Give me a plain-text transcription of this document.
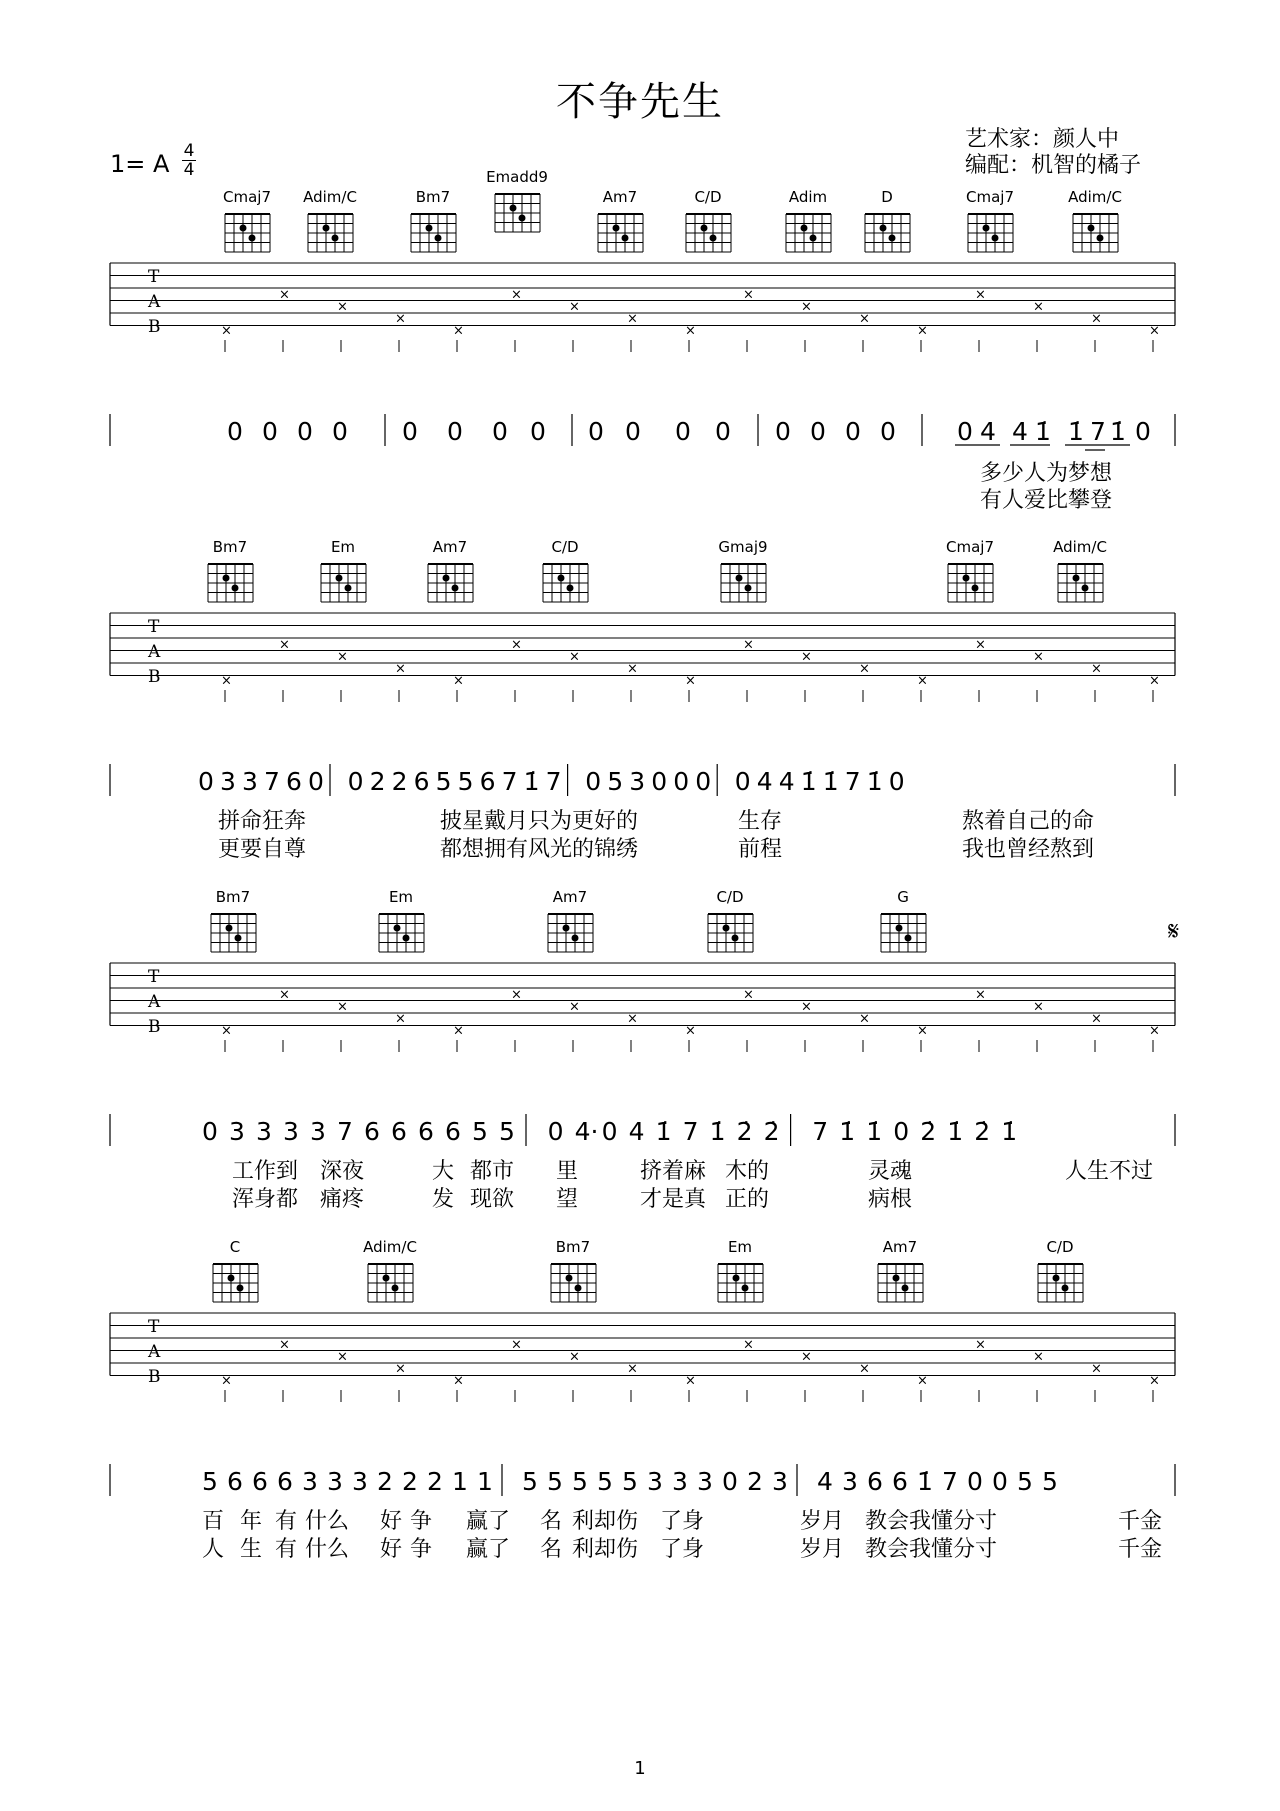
不争先生
艺术家：颜人中
编配：机智的橘子
1= A 4
4
1
Cmaj7 Adim/C	Bm7
Emadd9
Am7	C/D	Adim	D	Cmaj7	Adim/C
T
A
B
0 0 0 0 0 0 0 0 0 0 0 0 0 0 0 0 0 4 4 1̇ 1̇ 7 1̇ 0
多少人为梦想
×
×
×
×
×
×
×
×
×
×
×
×
×
×
×
×
×
有人爱比攀登
Bm7	Em	Am7	C/D	Gmaj9	Cmaj7	Adim/C
T
A
B
0 3 3 7 6 0 0 2 2 6 5 5 6 7 1̇ 7 0 5 3 0 0 0 0 4 4 1̇ 1̇ 7 1̇ 0
拼命狂奔	披星戴月只为更好的	生存	熬着自己的命
更要自尊	都想拥有风光的锦绣	前程	我也曾经熬到
×
×
×
×
×
×
×
×
×
×
×
×
×
×
×
×
×
Bm7	Em	Am7	C/D	G
𝄋
T
A
B
0 3 3 3 3 7 6 6 6 6 5 5 0 4· 0 4 1̇ 7 1̇ 2̇ 2̇ 7 1̇ 1̇ 0 2̇ 1̇ 2̇ 1̇
工作到 深夜	大 都市 里	挤着麻 木的	灵魂	人生不过
浑身都 痛疼	发 现欲 望	才是真 正的	病根
×
×
×
×
×
×
×
×
×
×
×
×
×
×
×
×
×
C	Adim/C	Bm7	Em	Am7	C/D
T
A
B
5 6 6 6 3 3 3 2 2 2 1 1 5 5 5 5 5 3 3 3 0 2 3 4 3 6 6 1̇ 7 0 0 5 5
百 年 有 什么 好 争 赢了 名 利却伤 了身	岁月 教会我懂分寸	千金
人 生 有 什么 好 争 赢了 名 利却伤 了身	岁月 教会我懂分寸	千金
×
×
×
×
×
×
×
×
×
×
×
×
×
×
×
×
×
